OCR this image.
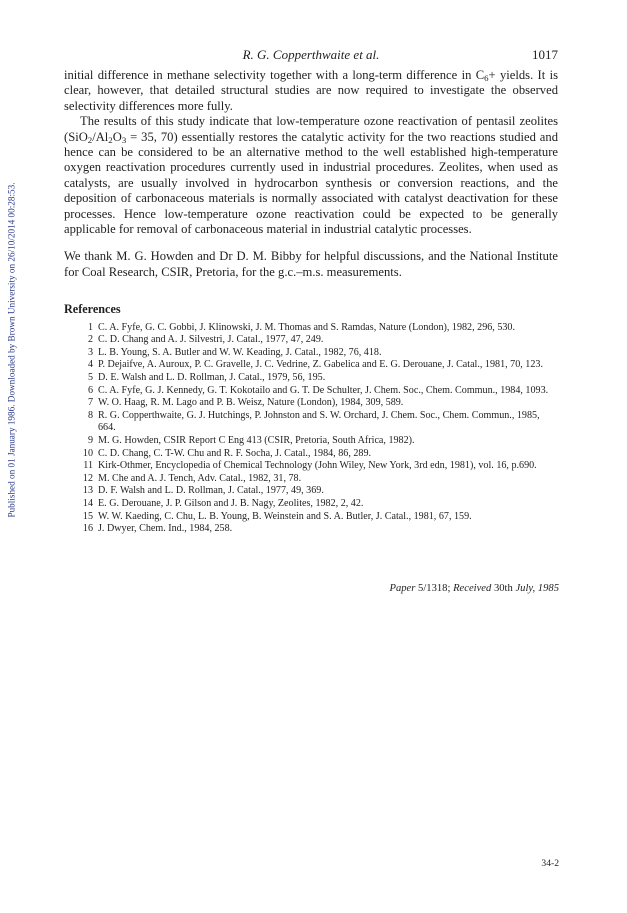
Published on 01 January 1986. Downloaded by Brown University on 26/10/2014 00:28:53.
R. G. Copperthwaite et al.	1017

initial difference in methane selectivity together with a long-term difference in $C_6+$ yields. It is clear, however, that detailed structural studies are now required to investigate the observed selectivity differences more fully.

The results of this study indicate that low-temperature ozone reactivation of pentasil zeolites ($SiO_2/Al_2O_3 = 35$, 70) essentially restores the catalytic activity for the two reactions studied and hence can be considered to be an alternative method to the well established high-temperature oxygen reactivation procedures currently used in industrial procedures. Zeolites, when used as catalysts, are usually involved in hydrocarbon synthesis or conversion reactions, and the deposition of carbonaceous materials is normally associated with catalyst deactivation for these processes. Hence low-temperature ozone reactivation could be expected to be generally applicable for removal of carbonaceous material in industrial catalytic processes.

We thank M. G. Howden and Dr D. M. Bibby for helpful discussions, and the National Institute for Coal Research, CSIR, Pretoria, for the g.c.–m.s. measurements.

References
1 C. A. Fyfe, G. C. Gobbi, J. Klinowski, J. M. Thomas and S. Ramdas, Nature (London), 1982, 296, 530.
2 C. D. Chang and A. J. Silvestri, J. Catal., 1977, 47, 249.
3 L. B. Young, S. A. Butler and W. W. Keading, J. Catal., 1982, 76, 418.
4 P. Dejaifve, A. Auroux, P. C. Gravelle, J. C. Vedrine, Z. Gabelica and E. G. Derouane, J. Catal., 1981, 70, 123.
5 D. E. Walsh and L. D. Rollman, J. Catal., 1979, 56, 195.
6 C. A. Fyfe, G. J. Kennedy, G. T. Kokotailo and G. T. De Schulter, J. Chem. Soc., Chem. Commun., 1984, 1093.
7 W. O. Haag, R. M. Lago and P. B. Weisz, Nature (London), 1984, 309, 589.
8 R. G. Copperthwaite, G. J. Hutchings, P. Johnston and S. W. Orchard, J. Chem. Soc., Chem. Commun., 1985, 664.
9 M. G. Howden, CSIR Report C Eng 413 (CSIR, Pretoria, South Africa, 1982).
10 C. D. Chang, C. T-W. Chu and R. F. Socha, J. Catal., 1984, 86, 289.
11 Kirk-Othmer, Encyclopedia of Chemical Technology (John Wiley, New York, 3rd edn, 1981), vol. 16, p.690.
12 M. Che and A. J. Tench, Adv. Catal., 1982, 31, 78.
13 D. F. Walsh and L. D. Rollman, J. Catal., 1977, 49, 369.
14 E. G. Derouane, J. P. Gilson and J. B. Nagy, Zeolites, 1982, 2, 42.
15 W. W. Kaeding, C. Chu, L. B. Young, B. Weinstein and S. A. Butler, J. Catal., 1981, 67, 159.
16 J. Dwyer, Chem. Ind., 1984, 258.
Paper 5/1318; Received 30th July, 1985
34-2
